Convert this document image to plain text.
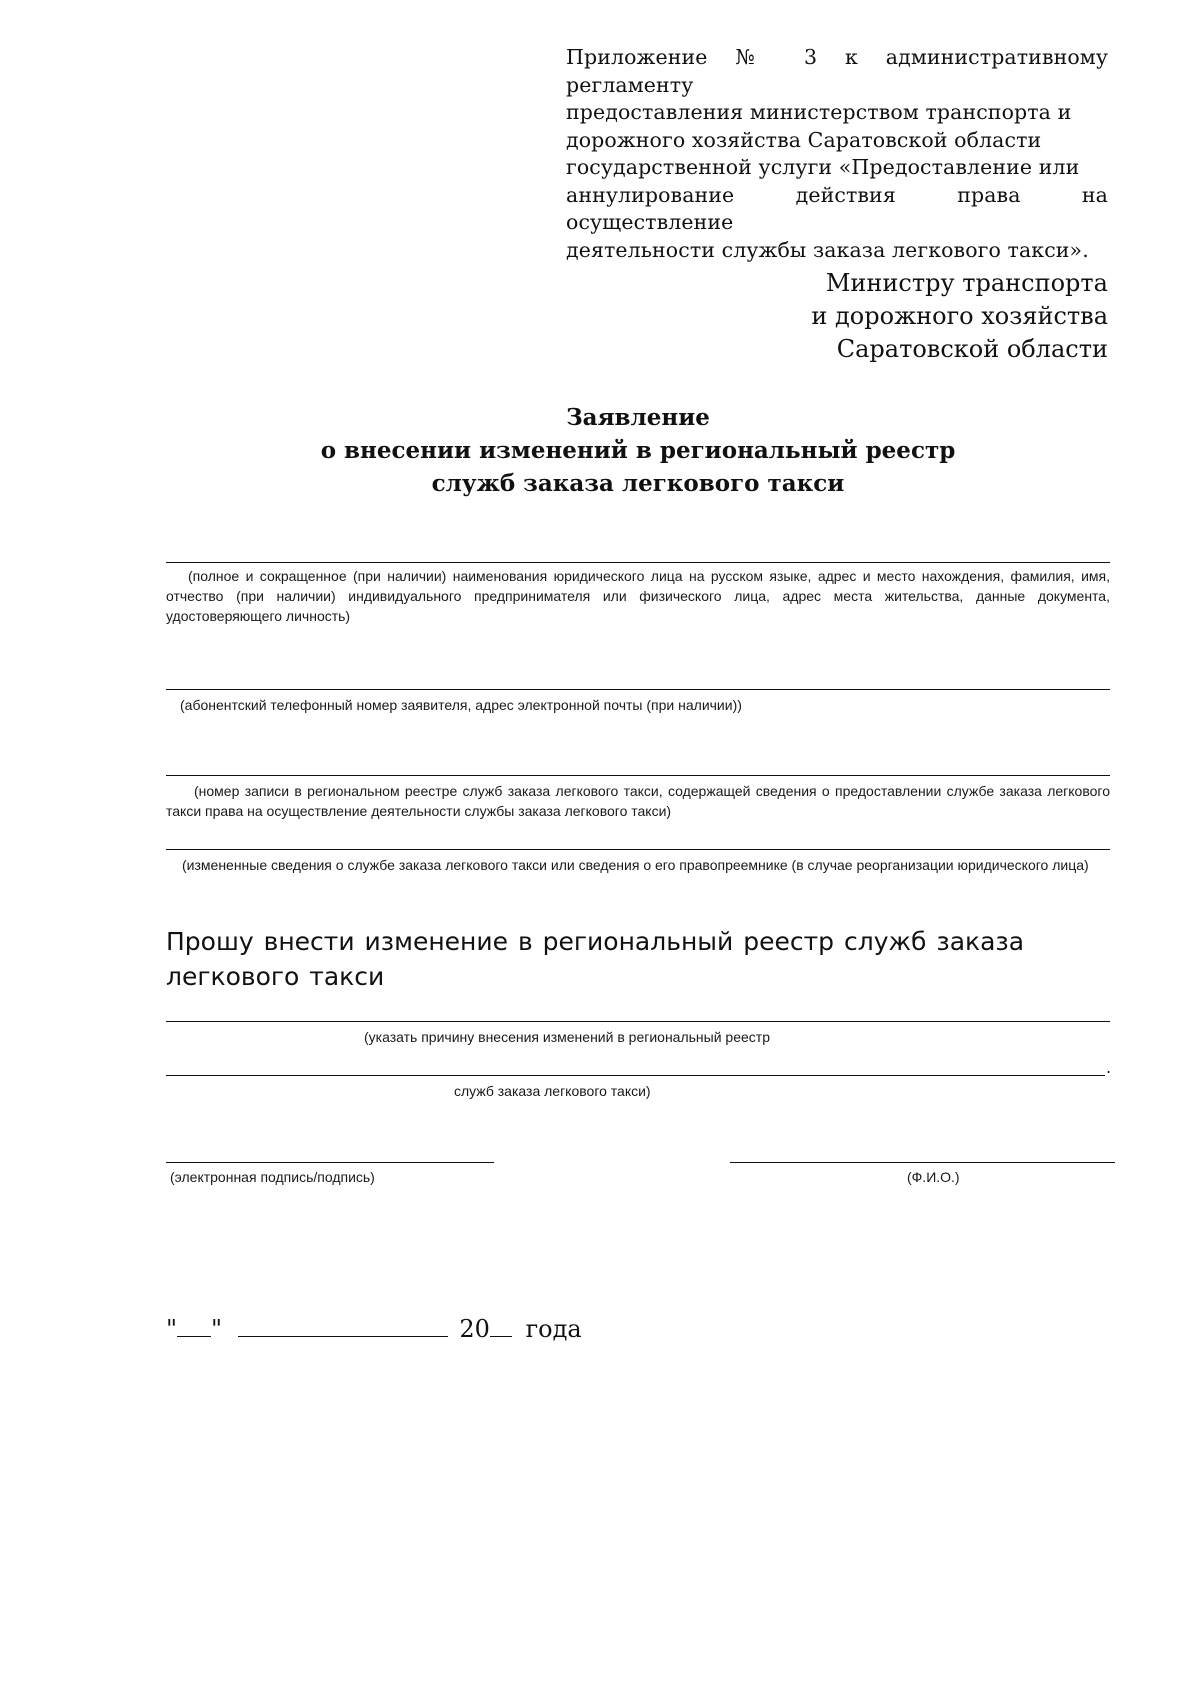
Приложение № 3 к административному регламенту
предоставления министерством транспорта и
дорожного хозяйства Саратовской области
государственной услуги «Предоставление или
аннулирование действия права на осуществление
деятельности службы заказа легкового такси».
Министру транспорта
и дорожного хозяйства
Саратовской области
Заявление
о внесении изменений в региональный реестр
служб заказа легкового такси
(полное и сокращенное (при наличии) наименования юридического лица на русском языке, адрес и место нахождения, фамилия, имя, отчество (при наличии) индивидуального предпринимателя или физического лица, адрес места жительства, данные документа, удостоверяющего личность)
(абонентский телефонный номер заявителя, адрес электронной почты (при наличии))
(номер записи в региональном реестре служб заказа легкового такси, содержащей сведения о предоставлении службе заказа легкового такси права на осуществление деятельности службы заказа легкового такси)
(измененные сведения о службе заказа легкового такси или сведения о его правопреемнике (в случае реорганизации юридического лица)
Прошу внести изменение в региональный реестр служб заказа легкового такси
(указать причину внесения изменений в региональный реестр
.
служб заказа легкового такси)
(электронная подпись/подпись)	(Ф.И.О.)
" "	20 года
